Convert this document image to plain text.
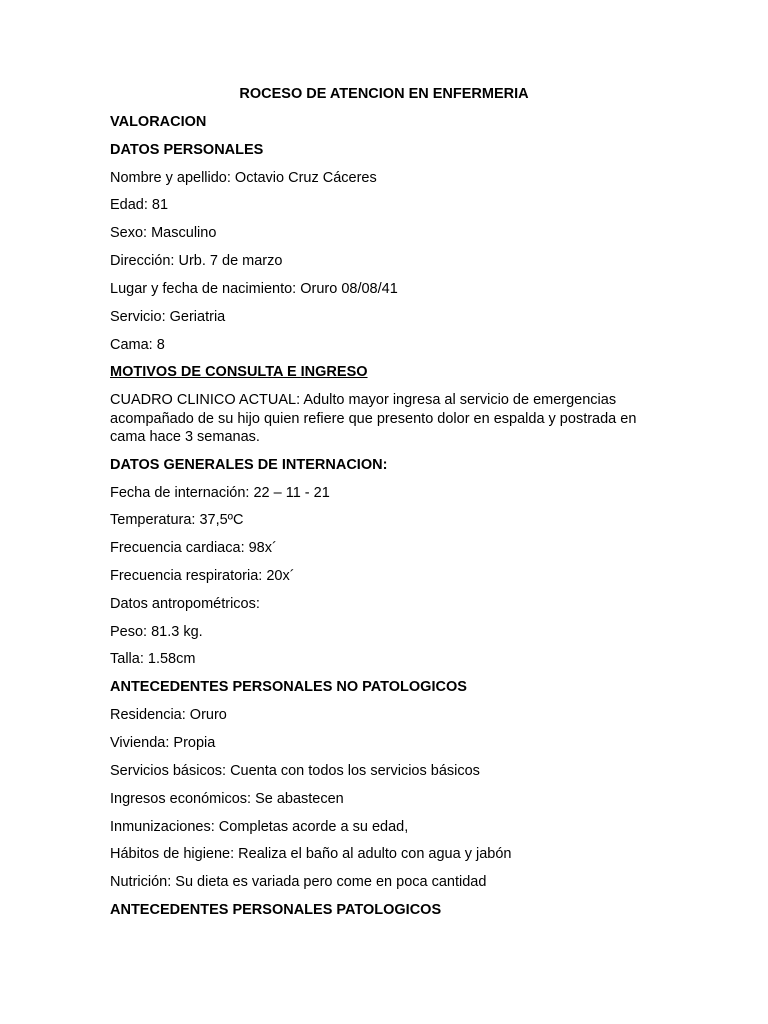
ROCESO DE ATENCION EN ENFERMERIA
VALORACION
DATOS PERSONALES
Nombre y apellido: Octavio Cruz Cáceres
Edad: 81
Sexo: Masculino
Dirección: Urb. 7 de marzo
Lugar y fecha de nacimiento: Oruro 08/08/41
Servicio: Geriatria
Cama: 8
MOTIVOS DE CONSULTA E INGRESO
CUADRO CLINICO ACTUAL: Adulto mayor ingresa al servicio de emergencias acompañado de su hijo quien refiere que presento dolor en espalda y postrada en cama hace 3 semanas.
DATOS GENERALES DE INTERNACION:
Fecha de internación: 22 – 11 - 21
Temperatura: 37,5ºC
Frecuencia cardiaca: 98x´
Frecuencia respiratoria: 20x´
Datos antropométricos:
Peso: 81.3 kg.
Talla: 1.58cm
ANTECEDENTES PERSONALES NO PATOLOGICOS
Residencia: Oruro
Vivienda: Propia
Servicios básicos: Cuenta con todos los servicios básicos
Ingresos económicos: Se abastecen
Inmunizaciones: Completas acorde a su edad,
Hábitos de higiene: Realiza el baño al adulto con agua y jabón
Nutrición: Su dieta es variada pero come en poca cantidad
ANTECEDENTES PERSONALES PATOLOGICOS
